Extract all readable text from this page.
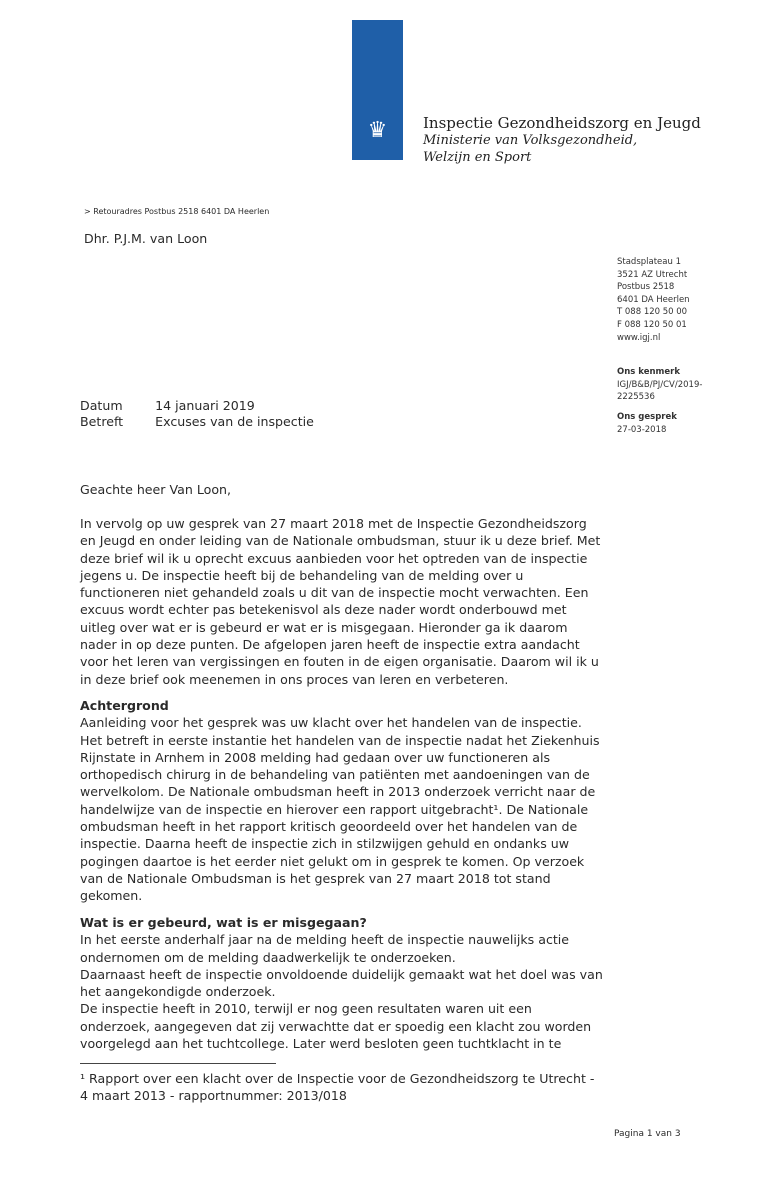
♛	Inspectie Gezondheidszorg en Jeugd
Ministerie van Volksgezondheid,
Welzijn en Sport
> Retouradres Postbus 2518 6401 DA Heerlen
Dhr. P.J.M. van Loon
Stadsplateau 1
3521 AZ Utrecht
Postbus 2518
6401 DA Heerlen
T 088 120 50 00
F 088 120 50 01
www.igj.nl
Ons kenmerk
IGJ/B&B/PJ/CV/2019-
2225536
Ons gesprek
27-03-2018
Datum	14 januari 2019
Betreft	Excuses van de inspectie
Geachte heer Van Loon,
In vervolg op uw gesprek van 27 maart 2018 met de Inspectie Gezondheidszorg
en Jeugd en onder leiding van de Nationale ombudsman, stuur ik u deze brief. Met
deze brief wil ik u oprecht excuus aanbieden voor het optreden van de inspectie
jegens u. De inspectie heeft bij de behandeling van de melding over u
functioneren niet gehandeld zoals u dit van de inspectie mocht verwachten. Een
excuus wordt echter pas betekenisvol als deze nader wordt onderbouwd met
uitleg over wat er is gebeurd er wat er is misgegaan. Hieronder ga ik daarom
nader in op deze punten. De afgelopen jaren heeft de inspectie extra aandacht
voor het leren van vergissingen en fouten in de eigen organisatie. Daarom wil ik u
in deze brief ook meenemen in ons proces van leren en verbeteren.
Achtergrond
Aanleiding voor het gesprek was uw klacht over het handelen van de inspectie.
Het betreft in eerste instantie het handelen van de inspectie nadat het Ziekenhuis
Rijnstate in Arnhem in 2008 melding had gedaan over uw functioneren als
orthopedisch chirurg in de behandeling van patiënten met aandoeningen van de
wervelkolom. De Nationale ombudsman heeft in 2013 onderzoek verricht naar de
handelwijze van de inspectie en hierover een rapport uitgebracht¹. De Nationale
ombudsman heeft in het rapport kritisch geoordeeld over het handelen van de
inspectie. Daarna heeft de inspectie zich in stilzwijgen gehuld en ondanks uw
pogingen daartoe is het eerder niet gelukt om in gesprek te komen. Op verzoek
van de Nationale Ombudsman is het gesprek van 27 maart 2018 tot stand
gekomen.
Wat is er gebeurd, wat is er misgegaan?
In het eerste anderhalf jaar na de melding heeft de inspectie nauwelijks actie
ondernomen om de melding daadwerkelijk te onderzoeken.
Daarnaast heeft de inspectie onvoldoende duidelijk gemaakt wat het doel was van
het aangekondigde onderzoek.
De inspectie heeft in 2010, terwijl er nog geen resultaten waren uit een
onderzoek, aangegeven dat zij verwachtte dat er spoedig een klacht zou worden
voorgelegd aan het tuchtcollege. Later werd besloten geen tuchtklacht in te
¹ Rapport over een klacht over de Inspectie voor de Gezondheidszorg te Utrecht -
4 maart 2013 - rapportnummer: 2013/018
Pagina 1 van 3
